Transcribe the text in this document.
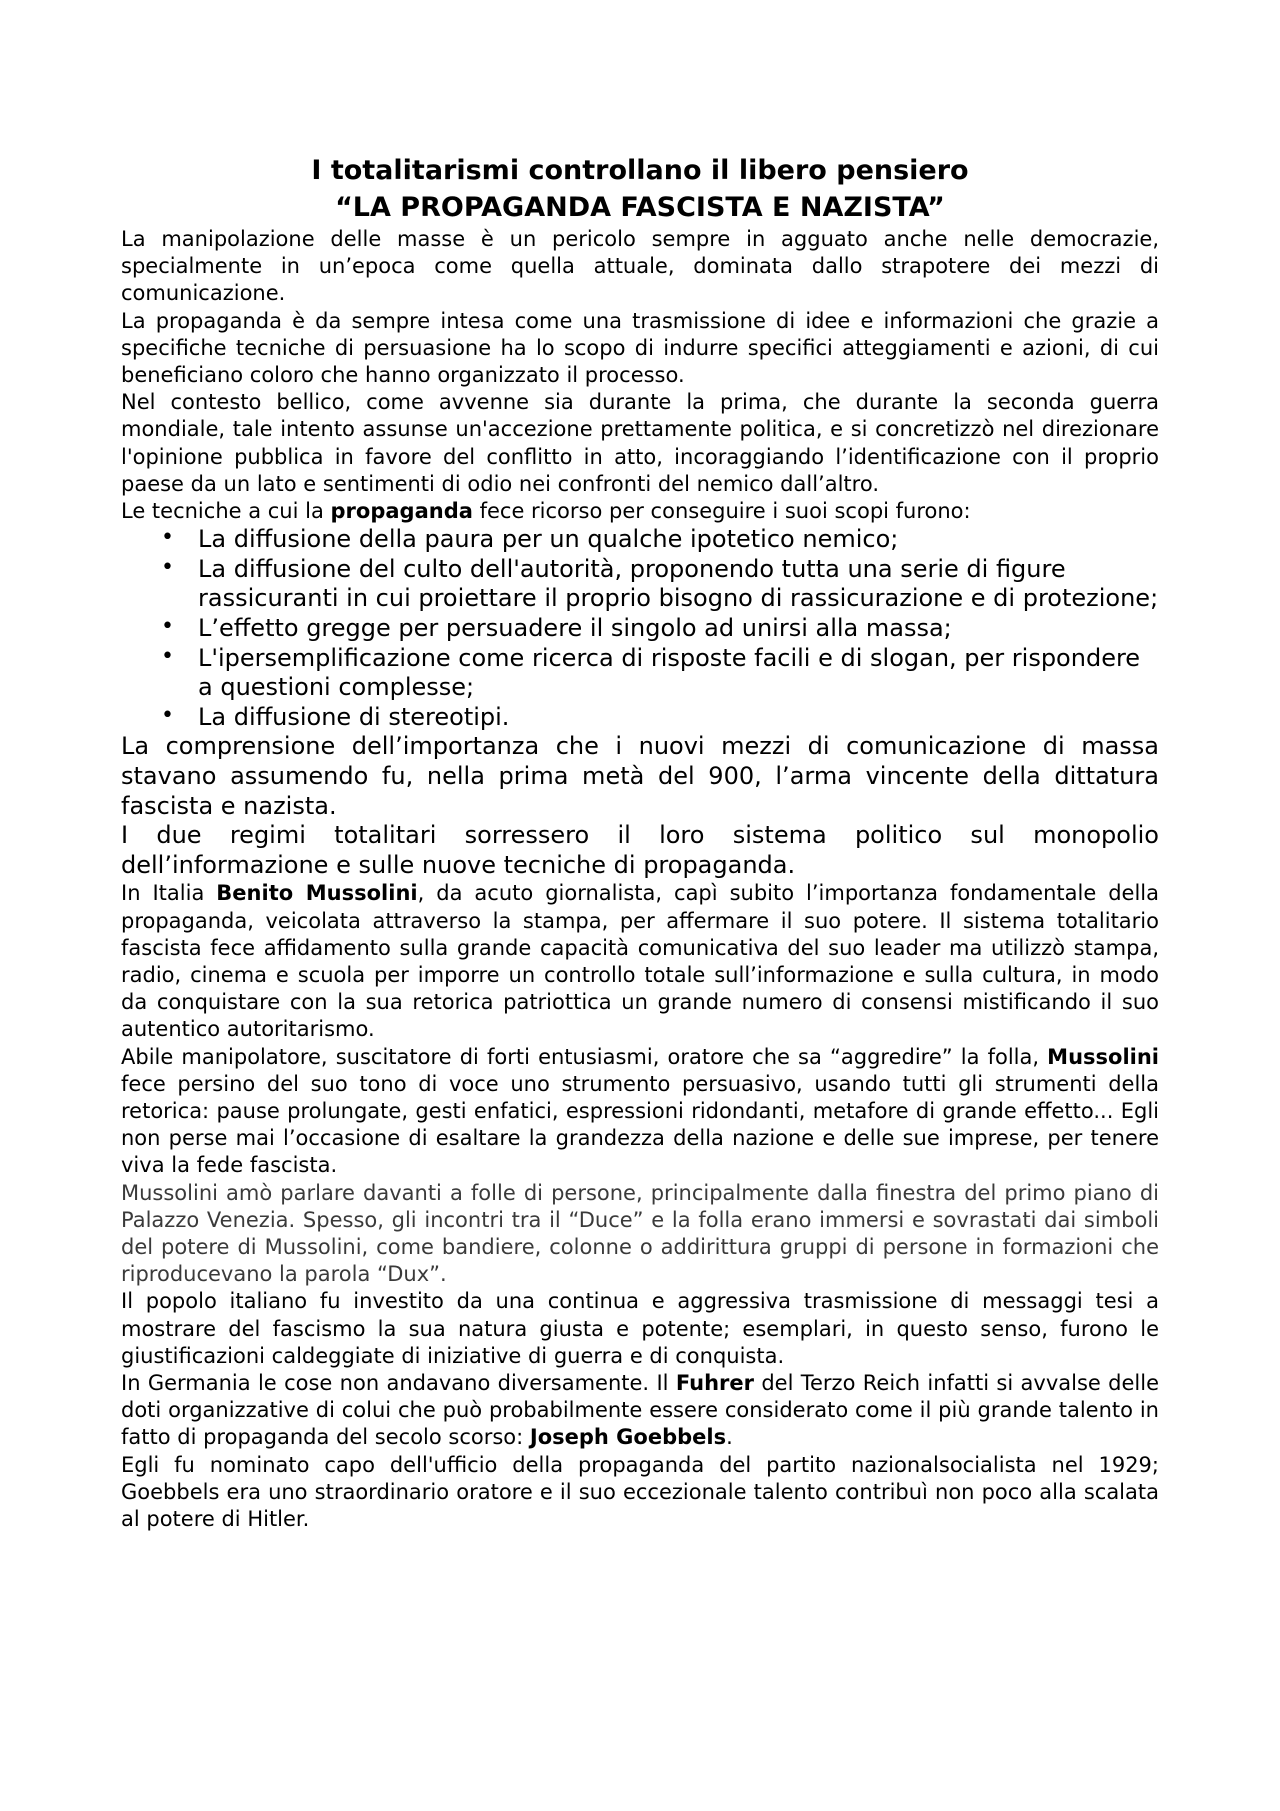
I totalitarismi controllano il libero pensiero

“LA PROPAGANDA FASCISTA E NAZISTA”

La manipolazione delle masse è un pericolo sempre in agguato anche nelle democrazie, specialmente in un’epoca come quella attuale, dominata dallo strapotere dei mezzi di comunicazione.

La propaganda è da sempre intesa come una trasmissione di idee e informazioni che grazie a specifiche tecniche di persuasione ha lo scopo di indurre specifici atteggiamenti e azioni, di cui beneficiano coloro che hanno organizzato il processo.

Nel contesto bellico, come avvenne sia durante la prima, che durante la seconda guerra mondiale, tale intento assunse un'accezione prettamente politica, e si concretizzò nel direzionare l'opinione pubblica in favore del conflitto in atto, incoraggiando l’identificazione con il proprio paese da un lato e sentimenti di odio nei confronti del nemico dall’altro.

Le tecniche a cui la propaganda fece ricorso per conseguire i suoi scopi furono:

• La diffusione della paura per un qualche ipotetico nemico;
• La diffusione del culto dell'autorità, proponendo tutta una serie di figure rassicuranti in cui proiettare il proprio bisogno di rassicurazione e di protezione;
• L’effetto gregge per persuadere il singolo ad unirsi alla massa;
• L'ipersemplificazione come ricerca di risposte facili e di slogan, per rispondere a questioni complesse;
• La diffusione di stereotipi.

La comprensione dell’importanza che i nuovi mezzi di comunicazione di massa stavano assumendo fu, nella prima metà del 900, l’arma vincente della dittatura fascista e nazista.

I due regimi totalitari sorressero il loro sistema politico sul monopolio dell’informazione e sulle nuove tecniche di propaganda.

In Italia Benito Mussolini, da acuto giornalista, capì subito l’importanza fondamentale della propaganda, veicolata attraverso la stampa, per affermare il suo potere. Il sistema totalitario fascista fece affidamento sulla grande capacità comunicativa del suo leader ma utilizzò stampa, radio, cinema e scuola per imporre un controllo totale sull’informazione e sulla cultura, in modo da conquistare con la sua retorica patriottica un grande numero di consensi mistificando il suo autentico autoritarismo.

Abile manipolatore, suscitatore di forti entusiasmi, oratore che sa “aggredire” la folla, Mussolini fece persino del suo tono di voce uno strumento persuasivo, usando tutti gli strumenti della retorica: pause prolungate, gesti enfatici, espressioni ridondanti, metafore di grande effetto... Egli non perse mai l’occasione di esaltare la grandezza della nazione e delle sue imprese, per tenere viva la fede fascista.

Mussolini amò parlare davanti a folle di persone, principalmente dalla finestra del primo piano di Palazzo Venezia. Spesso, gli incontri tra il “Duce” e la folla erano immersi e sovrastati dai simboli del potere di Mussolini, come bandiere, colonne o addirittura gruppi di persone in formazioni che riproducevano la parola “Dux”.

Il popolo italiano fu investito da una continua e aggressiva trasmissione di messaggi tesi a mostrare del fascismo la sua natura giusta e potente; esemplari, in questo senso, furono le giustificazioni caldeggiate di iniziative di guerra e di conquista.

In Germania le cose non andavano diversamente. Il Fuhrer del Terzo Reich infatti si avvalse delle doti organizzative di colui che può probabilmente essere considerato come il più grande talento in fatto di propaganda del secolo scorso: Joseph Goebbels.

Egli fu nominato capo dell'ufficio della propaganda del partito nazionalsocialista nel 1929; Goebbels era uno straordinario oratore e il suo eccezionale talento contribuì non poco alla scalata al potere di Hitler.
